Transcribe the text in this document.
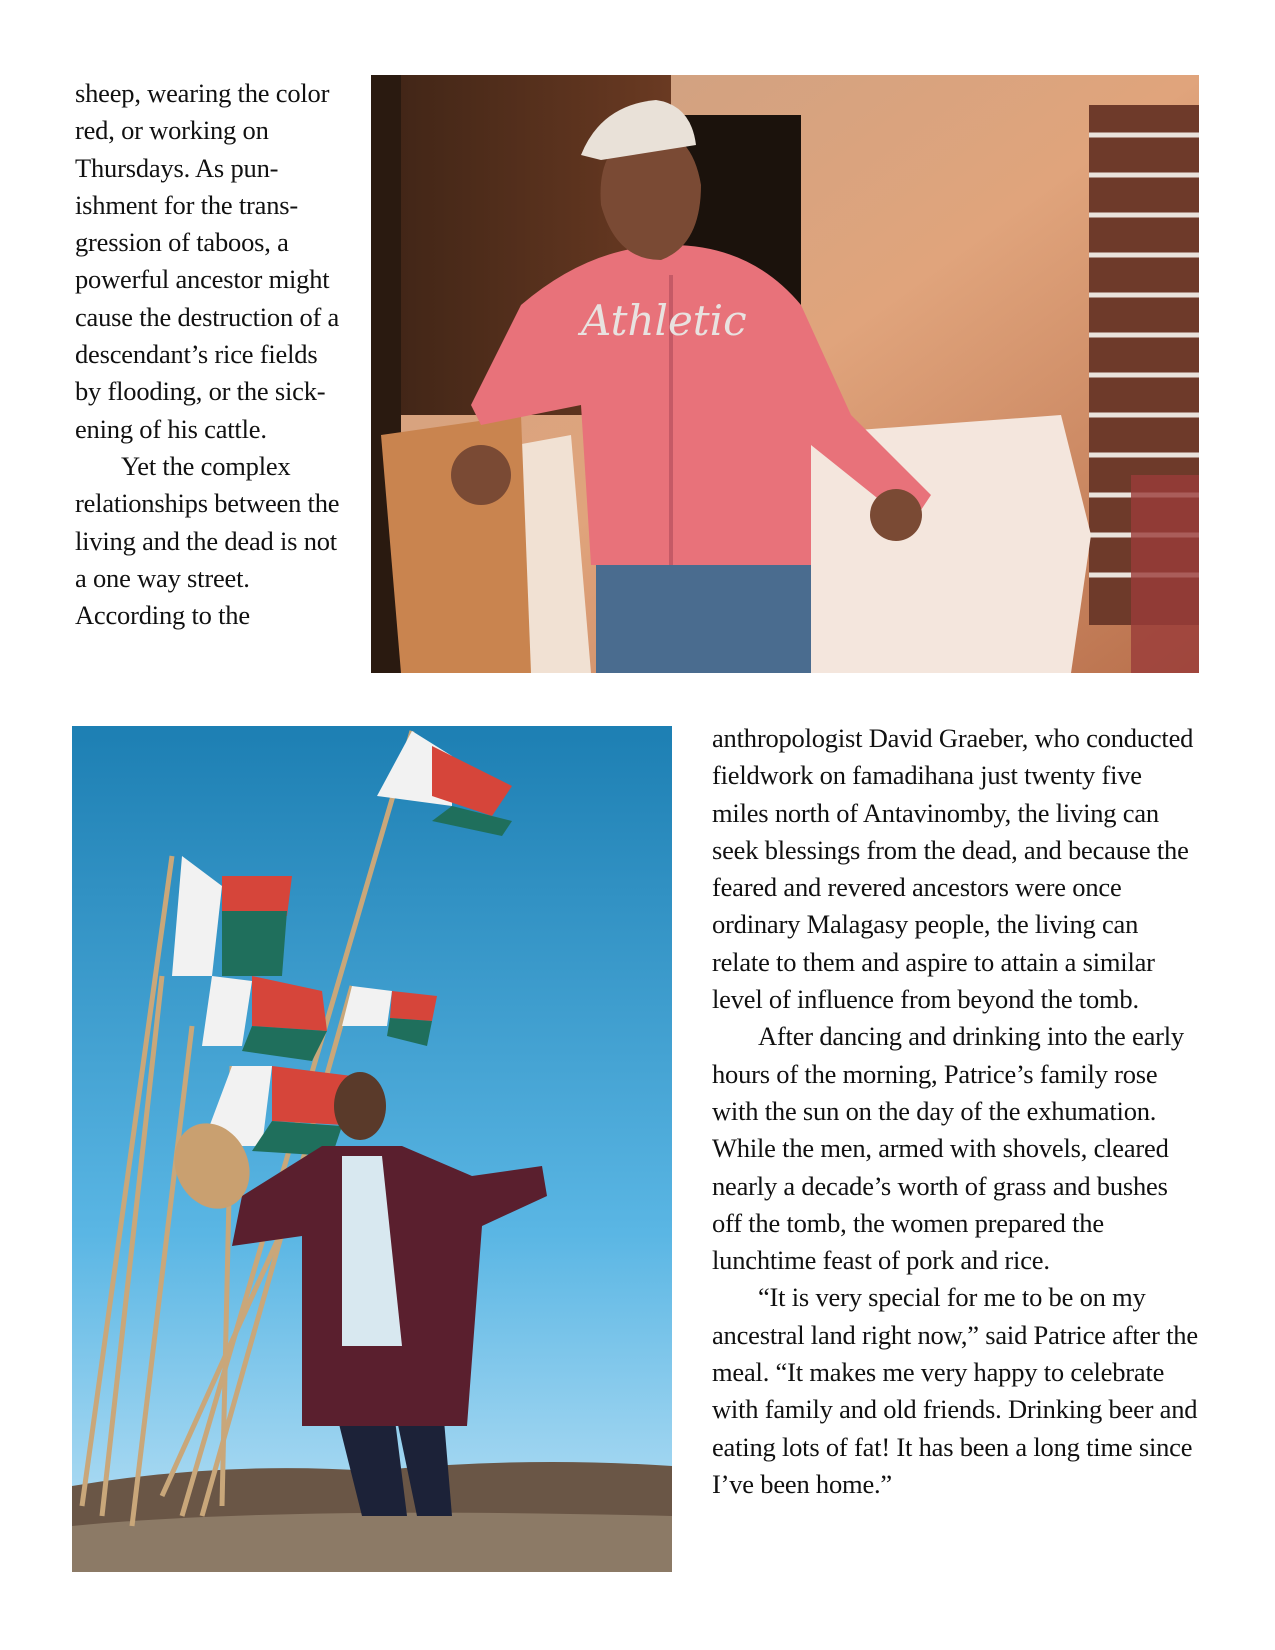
sheep, wearing the color red, or working on Thursdays. As punishment for the transgression of taboos, a powerful ancestor might cause the destruction of a descendant’s rice fields by flooding, or the sickening of his cattle.

Yet the complex relationships between the living and the dead is not a one way street. According to the

Athletic

anthropologist David Graeber, who conducted fieldwork on famadihana just twenty five miles north of Antavinomby, the living can seek blessings from the dead, and because the feared and revered ancestors were once ordinary Malagasy people, the living can relate to them and aspire to attain a similar level of influence from beyond the tomb.

After dancing and drinking into the early hours of the morning, Patrice’s family rose with the sun on the day of the exhumation. While the men, armed with shovels, cleared nearly a decade’s worth of grass and bushes off the tomb, the women prepared the lunchtime feast of pork and rice.

“It is very special for me to be on my ancestral land right now,” said Patrice after the meal. “It makes me very happy to celebrate with family and old friends. Drinking beer and eating lots of fat! It has been a long time since I’ve been home.”
